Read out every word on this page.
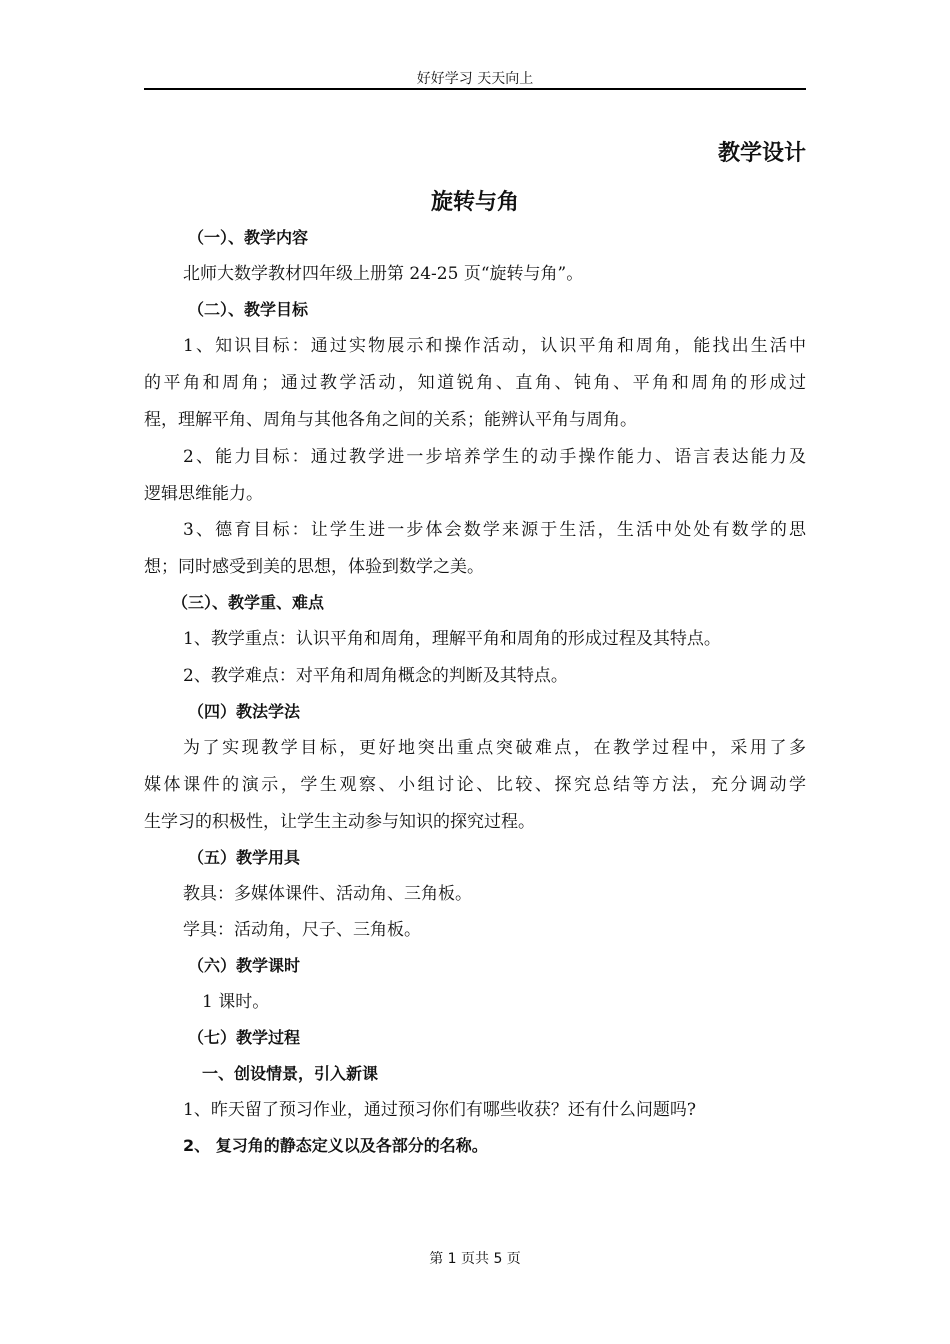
好好学习 天天向上
教学设计
旋转与角
（一）、教学内容
北师大数学教材四年级上册第 24-25 页“旋转与角”。
（二）、教学目标
1、知识目标：通过实物展示和操作活动，认识平角和周角，能找出生活中
的平角和周角；通过教学活动，知道锐角、直角、钝角、平角和周角的形成过
程，理解平角、周角与其他各角之间的关系；能辨认平角与周角。
2、能力目标：通过教学进一步培养学生的动手操作能力、语言表达能力及
逻辑思维能力。
3、德育目标：让学生进一步体会数学来源于生活，生活中处处有数学的思
想；同时感受到美的思想，体验到数学之美。
（三）、教学重、难点
1、教学重点：认识平角和周角，理解平角和周角的形成过程及其特点。
2、教学难点：对平角和周角概念的判断及其特点。
（四）教法学法
为了实现教学目标，更好地突出重点突破难点，在教学过程中，采用了多
媒体课件的演示，学生观察、小组讨论、比较、探究总结等方法，充分调动学
生学习的积极性，让学生主动参与知识的探究过程。
（五）教学用具
教具：多媒体课件、活动角、三角板。
学具：活动角，尺子、三角板。
（六）教学课时
1 课时。
（七）教学过程
一、创设情景，引入新课
1、昨天留了预习作业，通过预习你们有哪些收获？还有什么问题吗?
2、 复习角的静态定义以及各部分的名称。
第 1 页共 5 页
